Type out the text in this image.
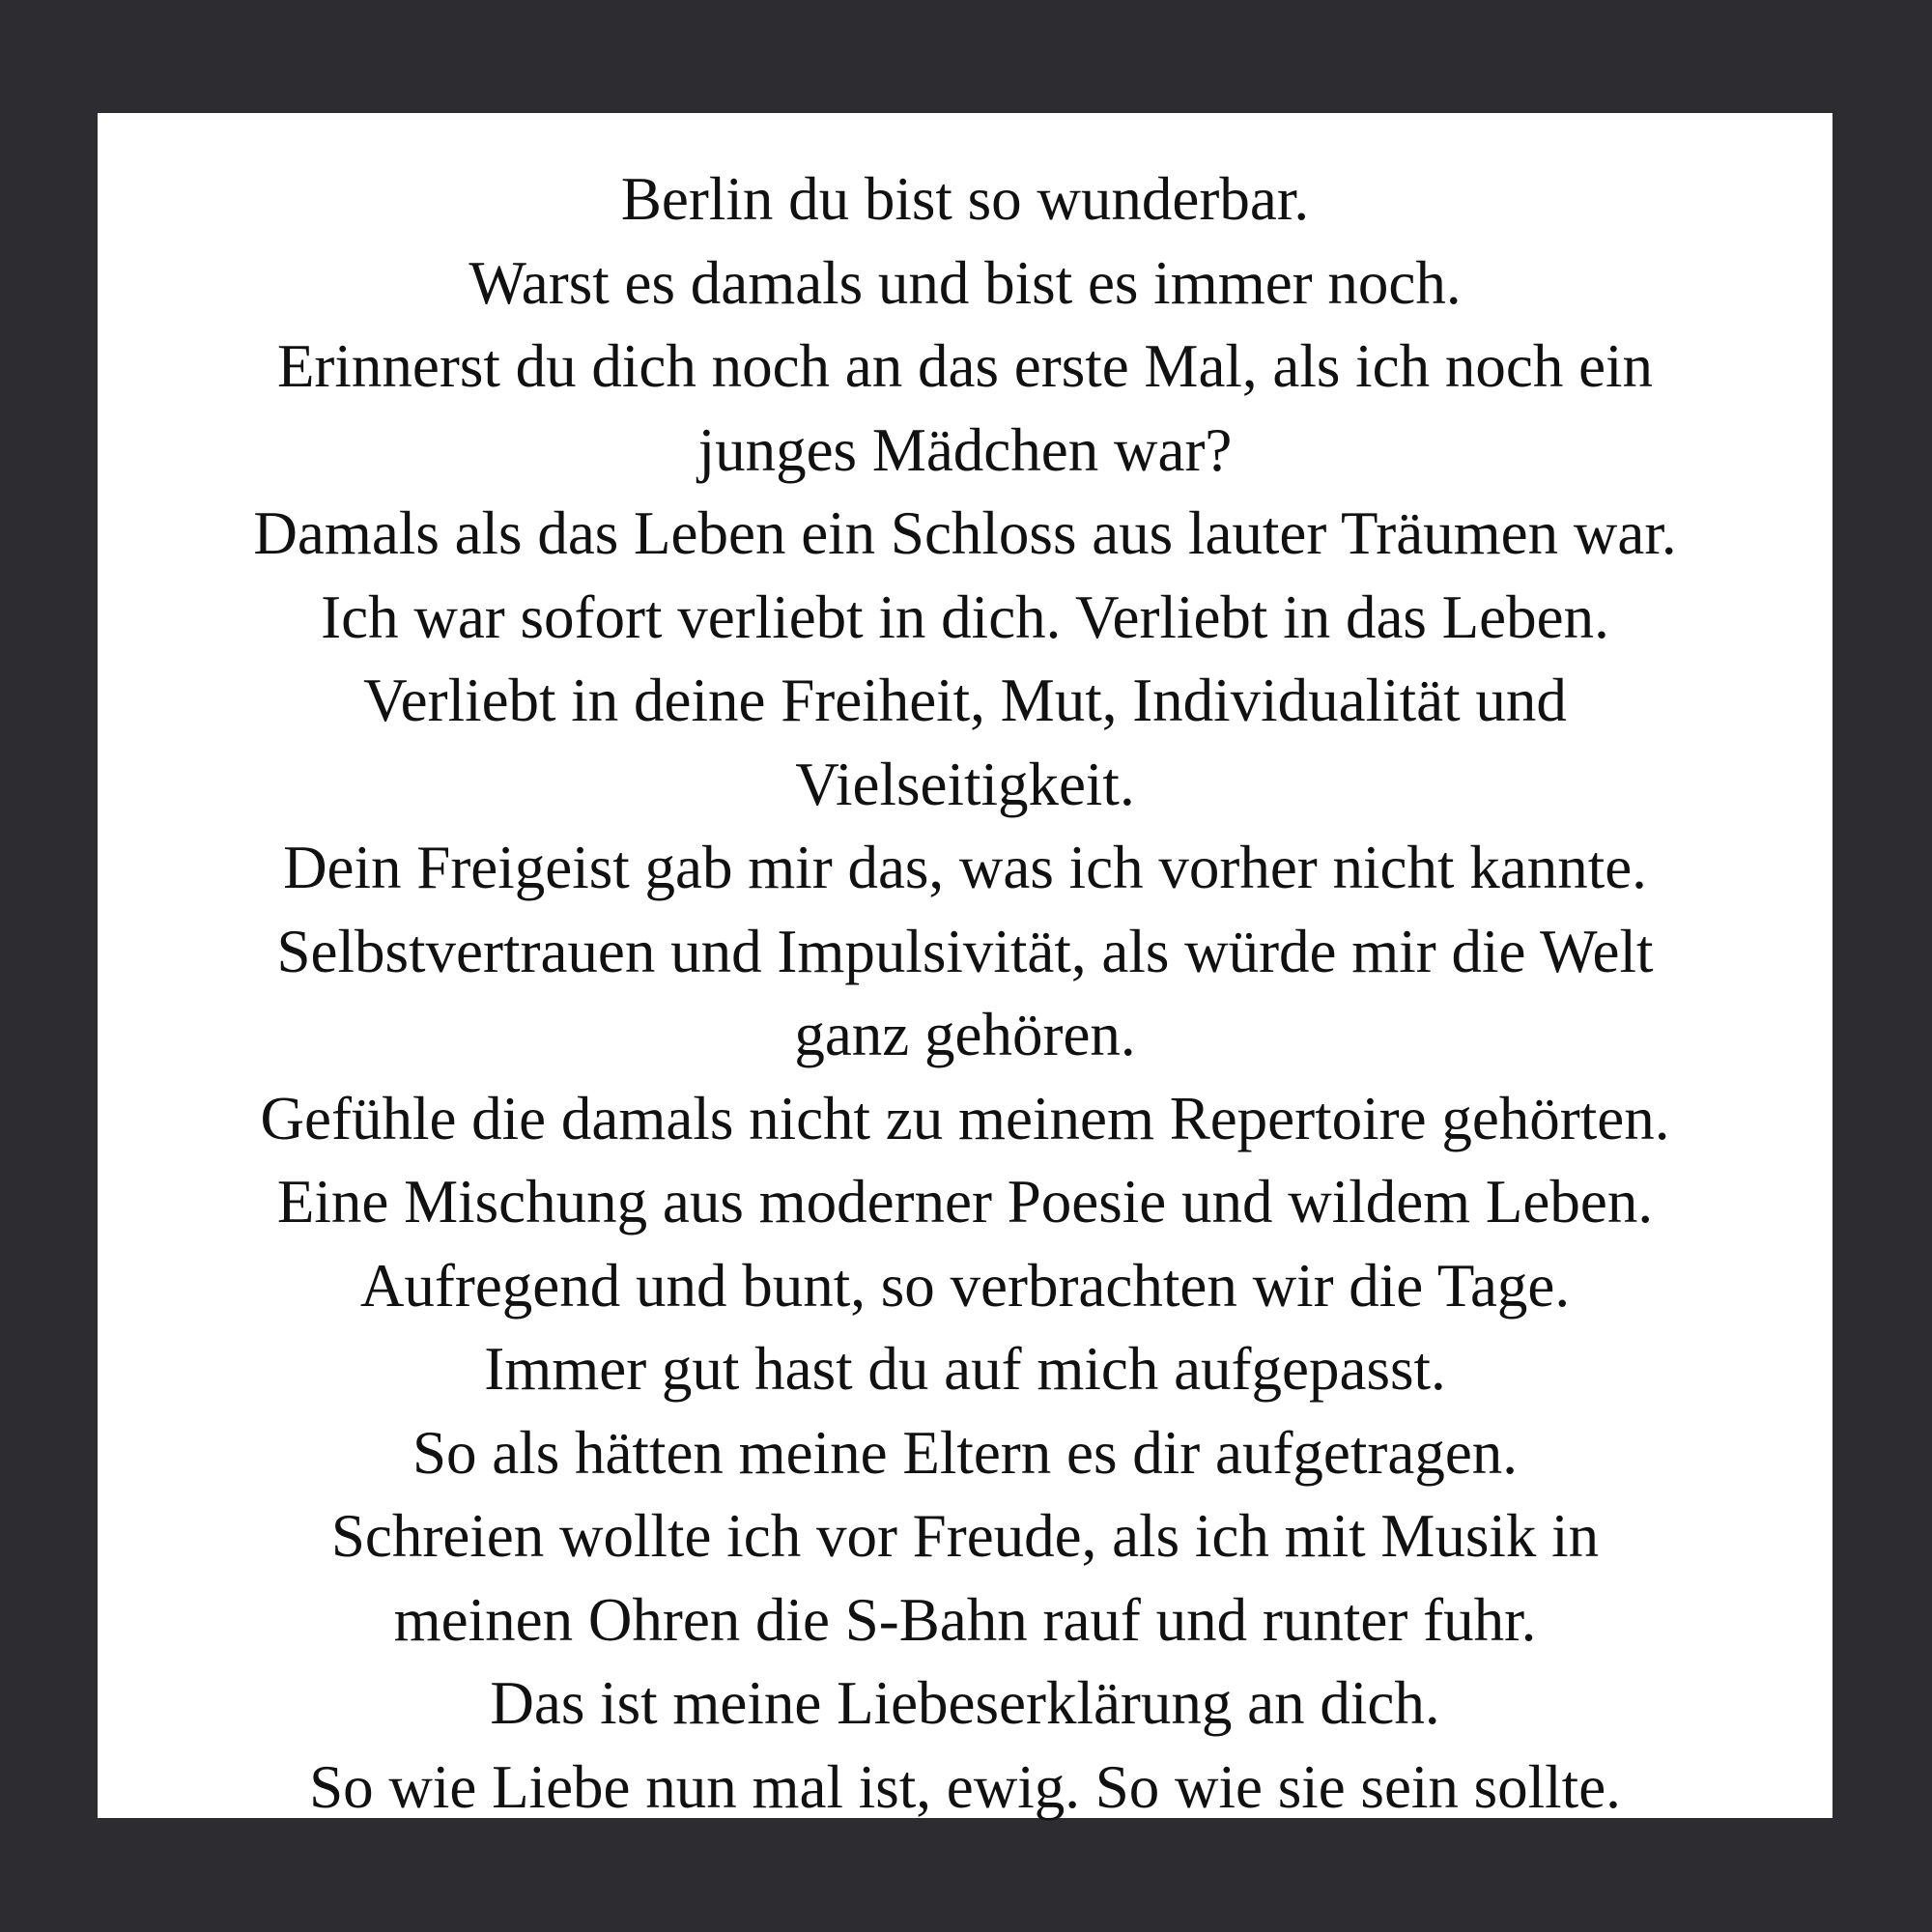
Berlin du bist so wunderbar.
Warst es damals und bist es immer noch.
Erinnerst du dich noch an das erste Mal, als ich noch ein
junges Mädchen war?
Damals als das Leben ein Schloss aus lauter Träumen war.
Ich war sofort verliebt in dich. Verliebt in das Leben.
Verliebt in deine Freiheit, Mut, Individualität und
Vielseitigkeit.
Dein Freigeist gab mir das, was ich vorher nicht kannte.
Selbstvertrauen und Impulsivität, als würde mir die Welt
ganz gehören.
Gefühle die damals nicht zu meinem Repertoire gehörten.
Eine Mischung aus moderner Poesie und wildem Leben.
Aufregend und bunt, so verbrachten wir die Tage.
Immer gut hast du auf mich aufgepasst.
So als hätten meine Eltern es dir aufgetragen.
Schreien wollte ich vor Freude, als ich mit Musik in
meinen Ohren die S-Bahn rauf und runter fuhr.
Das ist meine Liebeserklärung an dich.
So wie Liebe nun mal ist, ewig. So wie sie sein sollte.
